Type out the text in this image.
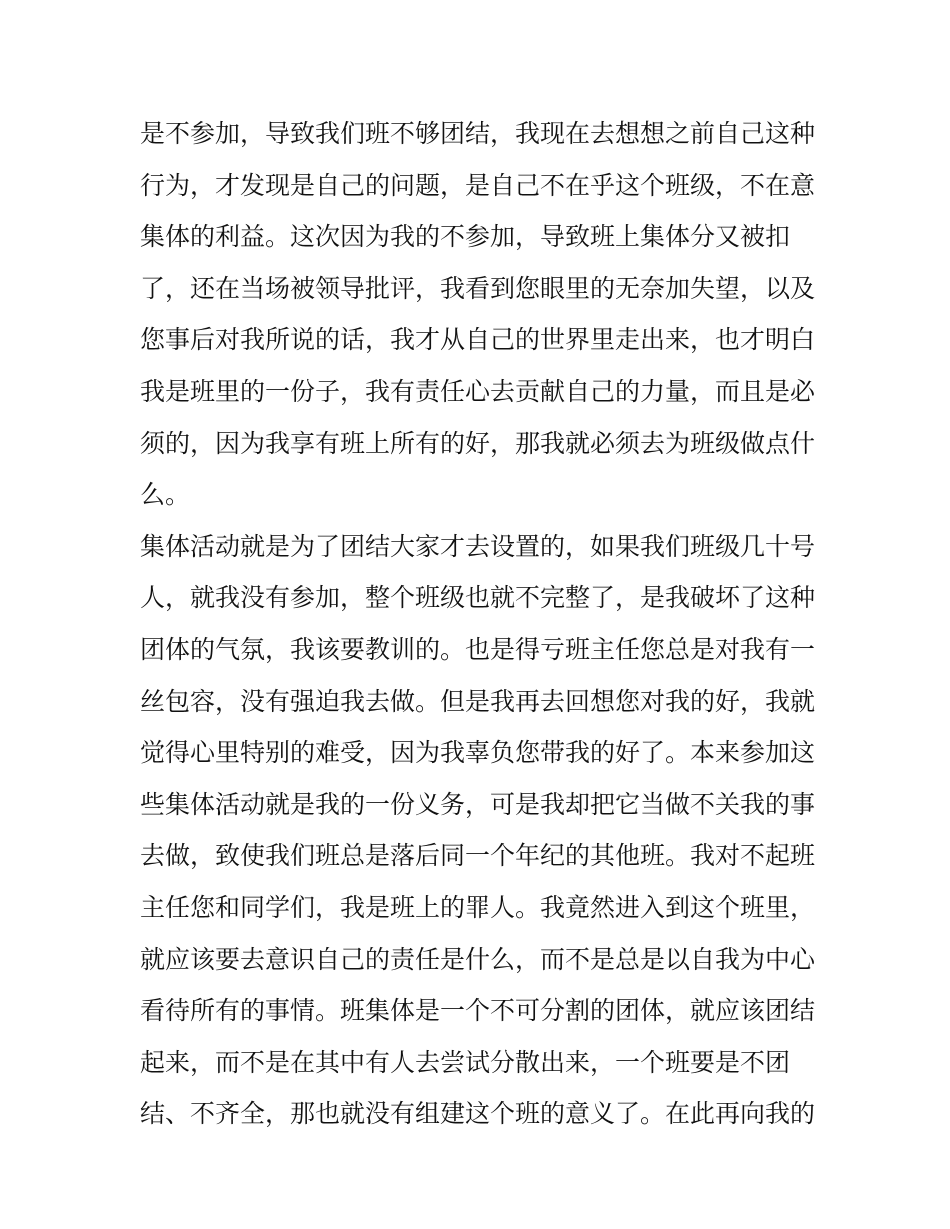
是不参加，导致我们班不够团结，我现在去想想之前自己这种
行为，才发现是自己的问题，是自己不在乎这个班级，不在意
集体的利益。这次因为我的不参加，导致班上集体分又被扣
了，还在当场被领导批评，我看到您眼里的无奈加失望，以及
您事后对我所说的话，我才从自己的世界里走出来，也才明白
我是班里的一份子，我有责任心去贡献自己的力量，而且是必
须的，因为我享有班上所有的好，那我就必须去为班级做点什
么。
集体活动就是为了团结大家才去设置的，如果我们班级几十号
人，就我没有参加，整个班级也就不完整了，是我破坏了这种
团体的气氛，我该要教训的。也是得亏班主任您总是对我有一
丝包容，没有强迫我去做。但是我再去回想您对我的好，我就
觉得心里特别的难受，因为我辜负您带我的好了。本来参加这
些集体活动就是我的一份义务，可是我却把它当做不关我的事
去做，致使我们班总是落后同一个年纪的其他班。我对不起班
主任您和同学们，我是班上的罪人。我竟然进入到这个班里，
就应该要去意识自己的责任是什么，而不是总是以自我为中心
看待所有的事情。班集体是一个不可分割的团体，就应该团结
起来，而不是在其中有人去尝试分散出来，一个班要是不团
结、不齐全，那也就没有组建这个班的意义了。在此再向我的
